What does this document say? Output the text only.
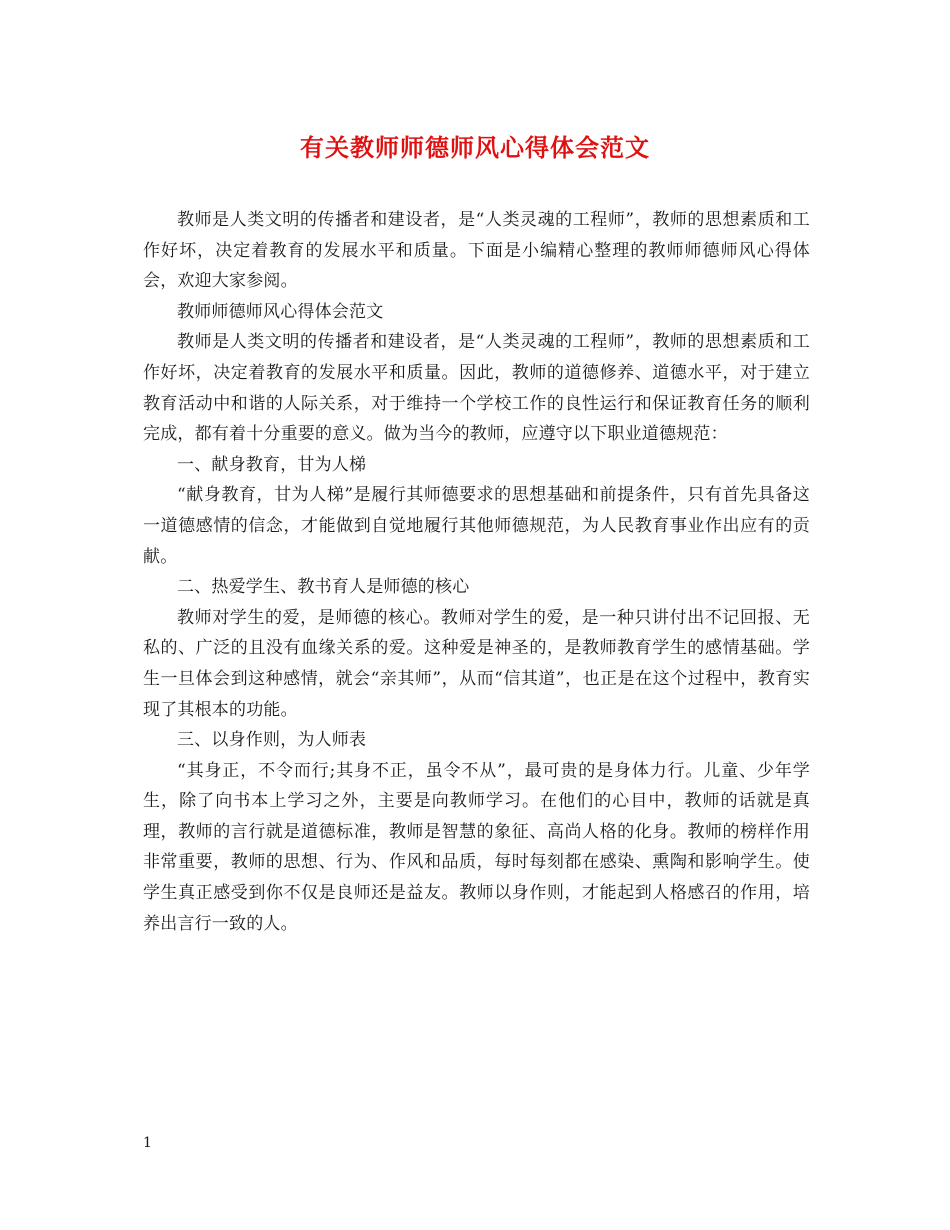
有关教师师德师风心得体会范文

教师是人类文明的传播者和建设者，是“人类灵魂的工程师”，教师的思想素质和工作好坏，决定着教育的发展水平和质量。下面是小编精心整理的教师师德师风心得体会，欢迎大家参阅。

教师师德师风心得体会范文

教师是人类文明的传播者和建设者，是“人类灵魂的工程师”，教师的思想素质和工作好坏，决定着教育的发展水平和质量。因此，教师的道德修养、道德水平，对于建立教育活动中和谐的人际关系，对于维持一个学校工作的良性运行和保证教育任务的顺利完成，都有着十分重要的意义。做为当今的教师，应遵守以下职业道德规范：

一、献身教育，甘为人梯

“献身教育，甘为人梯”是履行其师德要求的思想基础和前提条件，只有首先具备这一道德感情的信念，才能做到自觉地履行其他师德规范，为人民教育事业作出应有的贡献。

二、热爱学生、教书育人是师德的核心

教师对学生的爱，是师德的核心。教师对学生的爱，是一种只讲付出不记回报、无私的、广泛的且没有血缘关系的爱。这种爱是神圣的，是教师教育学生的感情基础。学生一旦体会到这种感情，就会“亲其师”，从而“信其道”，也正是在这个过程中，教育实现了其根本的功能。

三、以身作则，为人师表

“其身正，不令而行;其身不正，虽令不从”，最可贵的是身体力行。儿童、少年学生，除了向书本上学习之外，主要是向教师学习。在他们的心目中，教师的话就是真理，教师的言行就是道德标准，教师是智慧的象征、高尚人格的化身。教师的榜样作用非常重要，教师的思想、行为、作风和品质，每时每刻都在感染、熏陶和影响学生。使学生真正感受到你不仅是良师还是益友。教师以身作则，才能起到人格感召的作用，培养出言行一致的人。

1
